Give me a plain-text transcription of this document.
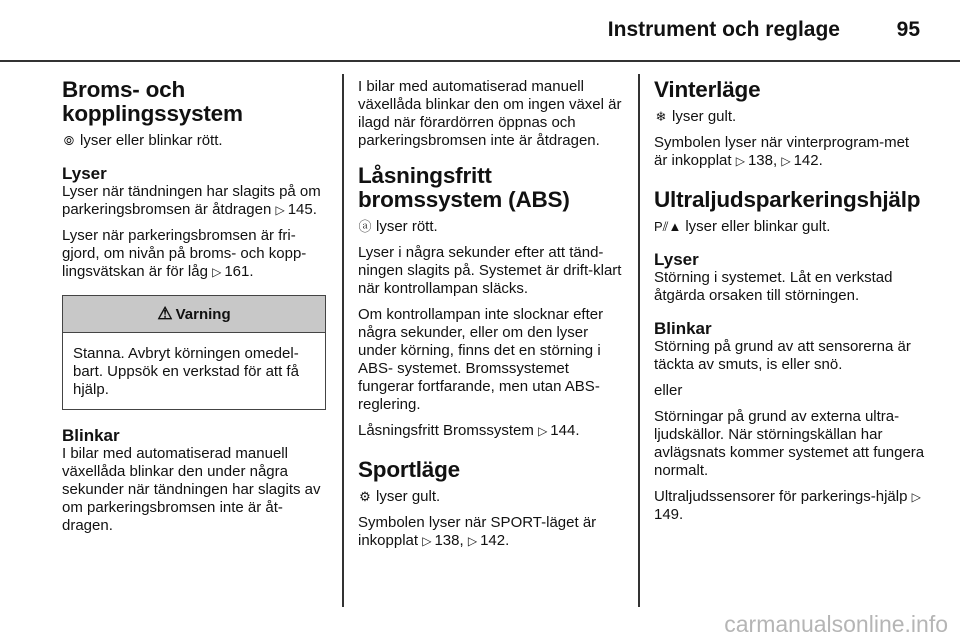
Instrument och reglage	95
Broms- och kopplingssystem

⦾ lyser eller blinkar rött.

Lyser

Lyser när tändningen har slagits på om parkeringsbromsen är åtdragen ▷ 145.

Lyser när parkeringsbromsen är fri-gjord, om nivån på broms- och kopp-lingsvätskan är för låg ▷ 161.

⚠ Varning
Stanna. Avbryt körningen omedel-bart. Uppsök en verkstad för att få hjälp.
Blinkar

I bilar med automatiserad manuell växellåda blinkar den under några sekunder när tändningen har slagits av om parkeringsbromsen inte är åt-dragen.

I bilar med automatiserad manuell växellåda blinkar den om ingen växel är ilagd när förardörren öppnas och parkeringsbromsen inte är åtdragen.

Låsningsfritt bromssystem (ABS)

ⓐ lyser rött.

Lyser i några sekunder efter att tänd-ningen slagits på. Systemet är drift-klart när kontrollampan släcks.

Om kontrollampan inte slocknar efter några sekunder, eller om den lyser under körning, finns det en störning i ABS- systemet. Bromssystemet fungerar fortfarande, men utan ABS- reglering.

Låsningsfritt Bromssystem ▷ 144.

Sportläge

⚙ lyser gult.

Symbolen lyser när SPORT-läget är inkopplat ▷ 138, ▷ 142.

Vinterläge

❄ lyser gult.

Symbolen lyser när vinterprogram-met är inkopplat ▷ 138, ▷ 142.

Ultraljudsparkeringshjälp

P⫽▲ lyser eller blinkar gult.

Lyser

Störning i systemet. Låt en verkstad åtgärda orsaken till störningen.

Blinkar

Störning på grund av att sensorerna är täckta av smuts, is eller snö.

eller

Störningar på grund av externa ultra-ljudskällor. När störningskällan har avlägsnats kommer systemet att fungera normalt.

Ultraljudssensorer för parkerings-hjälp ▷149.

carmanualsonline.info
